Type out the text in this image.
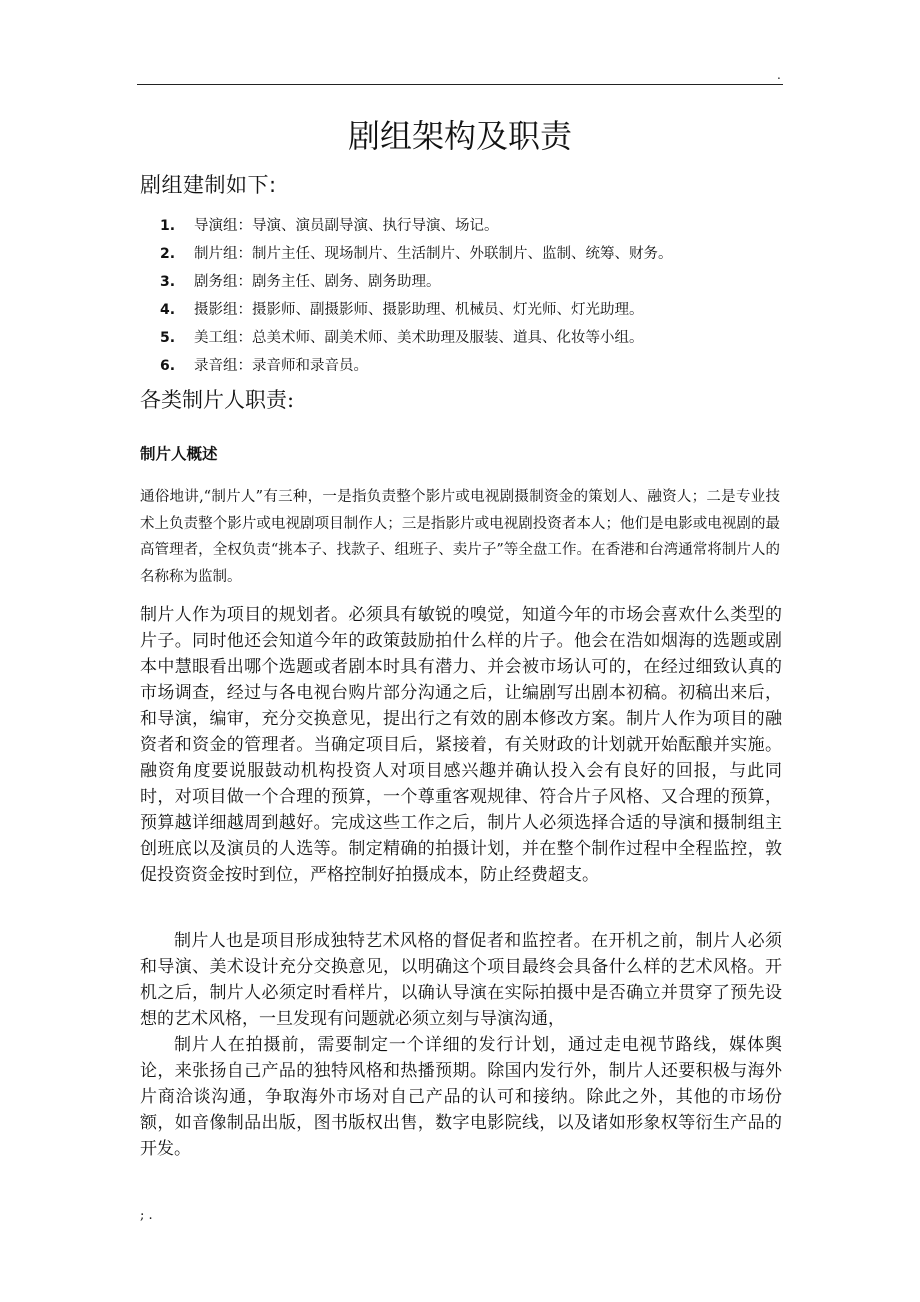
.
剧组架构及职责
剧组建制如下:
1. 导演组：导演、演员副导演、执行导演、场记。
2. 制片组：制片主任、现场制片、生活制片、外联制片、监制、统筹、财务。
3. 剧务组：剧务主任、剧务、剧务助理。
4. 摄影组：摄影师、副摄影师、摄影助理、机械员、灯光师、灯光助理。
5. 美工组：总美术师、副美术师、美术助理及服装、道具、化妆等小组。
6. 录音组：录音师和录音员。
各类制片人职责:
制片人概述

通俗地讲,“制片人”有三种，一是指负责整个影片或电视剧摄制资金的策划人、融资人；二是专业技术上负责整个影片或电视剧项目制作人；三是指影片或电视剧投资者本人；他们是电影或电视剧的最高管理者，全权负责“挑本子、找款子、组班子、卖片子”等全盘工作。在香港和台湾通常将制片人的名称称为监制。

制片人作为项目的规划者。必须具有敏锐的嗅觉，知道今年的市场会喜欢什么类型的片子。同时他还会知道今年的政策鼓励拍什么样的片子。他会在浩如烟海的选题或剧本中慧眼看出哪个选题或者剧本时具有潜力、并会被市场认可的，在经过细致认真的市场调查，经过与各电视台购片部分沟通之后，让编剧写出剧本初稿。初稿出来后，和导演，编审，充分交换意见，提出行之有效的剧本修改方案。制片人作为项目的融资者和资金的管理者。当确定项目后，紧接着，有关财政的计划就开始酝酿并实施。融资角度要说服鼓动机构投资人对项目感兴趣并确认投入会有良好的回报，与此同时，对项目做一个合理的预算，一个尊重客观规律、符合片子风格、又合理的预算，预算越详细越周到越好。完成这些工作之后，制片人必须选择合适的导演和摄制组主创班底以及演员的人选等。制定精确的拍摄计划，并在整个制作过程中全程监控，敦促投资资金按时到位，严格控制好拍摄成本，防止经费超支。

制片人也是项目形成独特艺术风格的督促者和监控者。在开机之前，制片人必须和导演、美术设计充分交换意见，以明确这个项目最终会具备什么样的艺术风格。开机之后，制片人必须定时看样片，以确认导演在实际拍摄中是否确立并贯穿了预先设想的艺术风格，一旦发现有问题就必须立刻与导演沟通，

制片人在拍摄前，需要制定一个详细的发行计划，通过走电视节路线，媒体舆论，来张扬自己产品的独特风格和热播预期。除国内发行外，制片人还要积极与海外片商洽谈沟通，争取海外市场对自己产品的认可和接纳。除此之外，其他的市场份额，如音像制品出版，图书版权出售，数字电影院线，以及诸如形象权等衍生产品的开发。

; .
